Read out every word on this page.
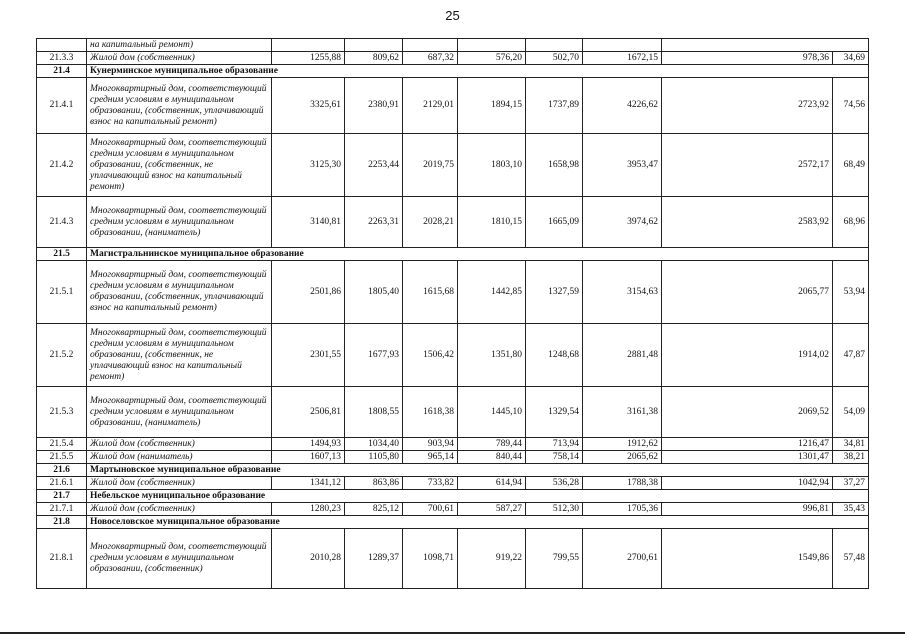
25
	на капитальный ремонт)								
21.3.3	Жилой дом (собственник)	1255,88	809,62	687,32	576,20	502,70	1672,15	978,36	34,69
21.4	Кунерминское муниципальное образование								
21.4.1	Многоквартирный дом, соответствующий средним условиям в муниципальном образовании, (собственник, уплачивающий взнос на капитальный ремонт)	3325,61	2380,91	2129,01	1894,15	1737,89	4226,62	2723,92	74,56
21.4.2	Многоквартирный дом, соответствующий средним условиям в муниципальном образовании, (собственник, не уплачивающий взнос на капитальный ремонт)	3125,30	2253,44	2019,75	1803,10	1658,98	3953,47	2572,17	68,49
21.4.3	Многоквартирный дом, соответствующий средним условиям в муниципальном образовании, (наниматель)	3140,81	2263,31	2028,21	1810,15	1665,09	3974,62	2583,92	68,96
21.5	Магистральнинское муниципальное образование								
21.5.1	Многоквартирный дом, соответствующий средним условиям в муниципальном образовании, (собственник, уплачивающий взнос на капитальный ремонт)	2501,86	1805,40	1615,68	1442,85	1327,59	3154,63	2065,77	53,94
21.5.2	Многоквартирный дом, соответствующий средним условиям в муниципальном образовании, (собственник, не уплачивающий взнос на капитальный ремонт)	2301,55	1677,93	1506,42	1351,80	1248,68	2881,48	1914,02	47,87
21.5.3	Многоквартирный дом, соответствующий средним условиям в муниципальном образовании, (наниматель)	2506,81	1808,55	1618,38	1445,10	1329,54	3161,38	2069,52	54,09
21.5.4	Жилой дом (собственник)	1494,93	1034,40	903,94	789,44	713,94	1912,62	1216,47	34,81
21.5.5	Жилой дом (наниматель)	1607,13	1105,80	965,14	840,44	758,14	2065,62	1301,47	38,21
21.6	Мартыновское муниципальное образование								
21.6.1	Жилой дом (собственник)	1341,12	863,86	733,82	614,94	536,28	1788,38	1042,94	37,27
21.7	Небельское муниципальное образование								
21.7.1	Жилой дом (собственник)	1280,23	825,12	700,61	587,27	512,30	1705,36	996,81	35,43
21.8	Новоселовское муниципальное образование								
21.8.1	Многоквартирный дом, соответствующий средним условиям в муниципальном образовании, (собственник)	2010,28	1289,37	1098,71	919,22	799,55	2700,61	1549,86	57,48
